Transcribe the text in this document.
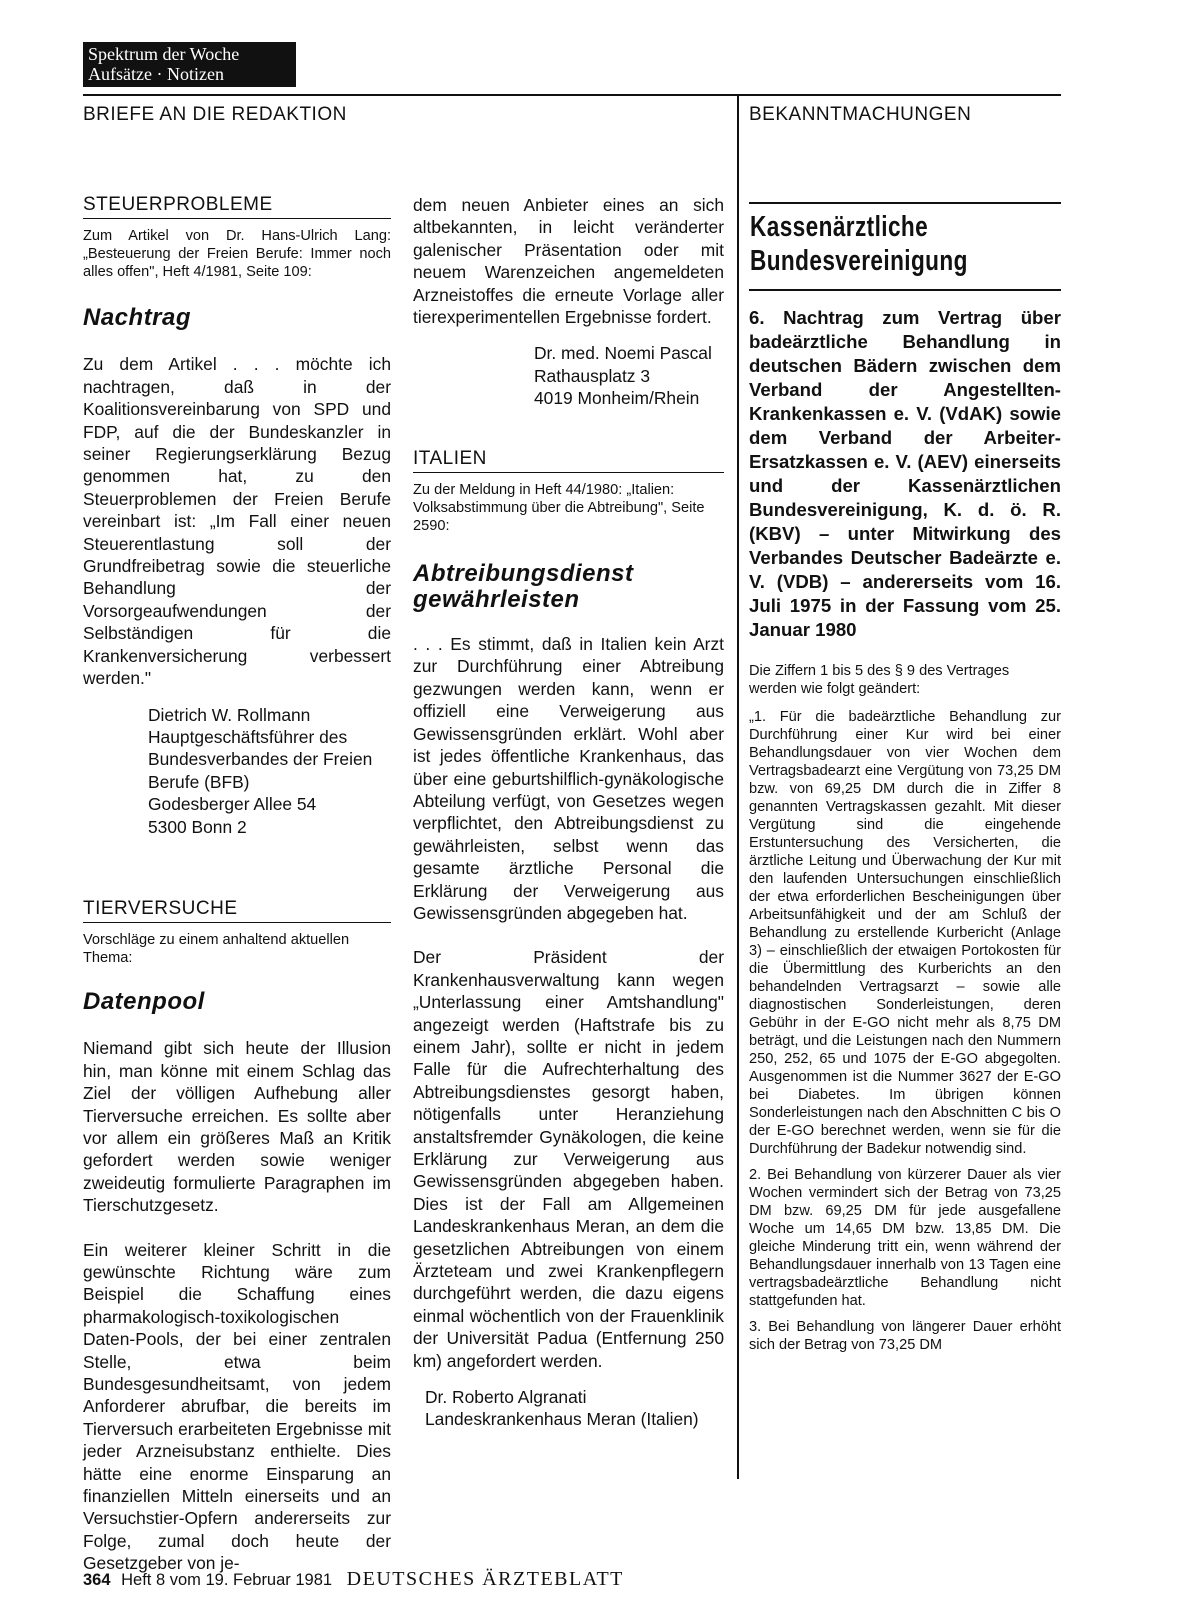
Spektrum der Woche
Aufsätze · Notizen
BRIEFE AN DIE REDAKTION	BEKANNTMACHUNGEN
STEUERPROBLEME

Zum Artikel von Dr. Hans-Ulrich Lang: „Besteuerung der Freien Berufe: Immer noch alles offen", Heft 4/1981, Seite 109:

Nachtrag

Zu dem Artikel . . . möchte ich nachtragen, daß in der Koalitionsvereinbarung von SPD und FDP, auf die der Bundeskanzler in seiner Regierungserklärung Bezug genommen hat, zu den Steuerproblemen der Freien Berufe vereinbart ist: „Im Fall einer neuen Steuerentlastung soll der Grundfreibetrag sowie die steuerliche Behandlung der Vorsorgeaufwendungen der Selbständigen für die Krankenversicherung verbessert werden."

Dietrich W. Rollmann
Hauptgeschäftsführer des
Bundesverbandes der Freien
Berufe (BFB)
Godesberger Allee 54
5300 Bonn 2
TIERVERSUCHE

Vorschläge zu einem anhaltend aktuellen Thema:

Datenpool

Niemand gibt sich heute der Illusion hin, man könne mit einem Schlag das Ziel der völligen Aufhebung aller Tierversuche erreichen. Es sollte aber vor allem ein größeres Maß an Kritik gefordert werden sowie weniger zweideutig formulierte Paragraphen im Tierschutzgesetz.

Ein weiterer kleiner Schritt in die gewünschte Richtung wäre zum Beispiel die Schaffung eines pharmakologisch-toxikologischen Daten-Pools, der bei einer zentralen Stelle, etwa beim Bundesgesundheitsamt, von jedem Anforderer abrufbar, die bereits im Tierversuch erarbeiteten Ergebnisse mit jeder Arzneisubstanz enthielte. Dies hätte eine enorme Einsparung an finanziellen Mitteln einerseits und an Versuchstier-Opfern andererseits zur Folge, zumal doch heute der Gesetzgeber von je-

dem neuen Anbieter eines an sich altbekannten, in leicht veränderter galenischer Präsentation oder mit neuem Warenzeichen angemeldeten Arzneistoffes die erneute Vorlage aller tierexperimentellen Ergebnisse fordert.

Dr. med. Noemi Pascal
Rathausplatz 3
4019 Monheim/Rhein
ITALIEN

Zu der Meldung in Heft 44/1980: „Italien: Volksabstimmung über die Abtreibung", Seite 2590:

Abtreibungsdienst
gewährleisten

. . . Es stimmt, daß in Italien kein Arzt zur Durchführung einer Abtreibung gezwungen werden kann, wenn er offiziell eine Verweigerung aus Gewissensgründen erklärt. Wohl aber ist jedes öffentliche Krankenhaus, das über eine geburtshilflich-gynäkologische Abteilung verfügt, von Gesetzes wegen verpflichtet, den Abtreibungsdienst zu gewährleisten, selbst wenn das gesamte ärztliche Personal die Erklärung der Verweigerung aus Gewissensgründen abgegeben hat.

Der Präsident der Krankenhausverwaltung kann wegen „Unterlassung einer Amtshandlung" angezeigt werden (Haftstrafe bis zu einem Jahr), sollte er nicht in jedem Falle für die Aufrechterhaltung des Abtreibungsdienstes gesorgt haben, nötigenfalls unter Heranziehung anstaltsfremder Gynäkologen, die keine Erklärung zur Verweigerung aus Gewissensgründen abgegeben haben. Dies ist der Fall am Allgemeinen Landeskrankenhaus Meran, an dem die gesetzlichen Abtreibungen von einem Ärzteteam und zwei Krankenpflegern durchgeführt werden, die dazu eigens einmal wöchentlich von der Frauenklinik der Universität Padua (Entfernung 250 km) angefordert werden.

Dr. Roberto Algranati
Landeskrankenhaus Meran (Italien)
Kassenärztliche
Bundesvereinigung

6. Nachtrag zum Vertrag über badeärztliche Behandlung in deutschen Bädern zwischen dem Verband der Angestellten-Krankenkassen e. V. (VdAK) sowie dem Verband der Arbeiter-Ersatzkassen e. V. (AEV) einerseits und der Kassenärztlichen Bundesvereinigung, K. d. ö. R. (KBV) – unter Mitwirkung des Verbandes Deutscher Badeärzte e. V. (VDB) – andererseits vom 16. Juli 1975 in der Fassung vom 25. Januar 1980

Die Ziffern 1 bis 5 des § 9 des Vertrages werden wie folgt geändert:

„1. Für die badeärztliche Behandlung zur Durchführung einer Kur wird bei einer Behandlungsdauer von vier Wochen dem Vertragsbadearzt eine Vergütung von 73,25 DM bzw. von 69,25 DM durch die in Ziffer 8 genannten Vertragskassen gezahlt. Mit dieser Vergütung sind die eingehende Erstuntersuchung des Versicherten, die ärztliche Leitung und Überwachung der Kur mit den laufenden Untersuchungen einschließlich der etwa erforderlichen Bescheinigungen über Arbeitsunfähigkeit und der am Schluß der Behandlung zu erstellende Kurbericht (Anlage 3) – einschließlich der etwaigen Portokosten für die Übermittlung des Kurberichts an den behandelnden Vertragsarzt – sowie alle diagnostischen Sonderleistungen, deren Gebühr in der E-GO nicht mehr als 8,75 DM beträgt, und die Leistungen nach den Nummern 250, 252, 65 und 1075 der E-GO abgegolten. Ausgenommen ist die Nummer 3627 der E-GO bei Diabetes. Im übrigen können Sonderleistungen nach den Abschnitten C bis O der E-GO berechnet werden, wenn sie für die Durchführung der Badekur notwendig sind.

2. Bei Behandlung von kürzerer Dauer als vier Wochen vermindert sich der Betrag von 73,25 DM bzw. 69,25 DM für jede ausgefallene Woche um 14,65 DM bzw. 13,85 DM. Die gleiche Minderung tritt ein, wenn während der Behandlungsdauer innerhalb von 13 Tagen eine vertragsbadeärztliche Behandlung nicht stattgefunden hat.

3. Bei Behandlung von längerer Dauer erhöht sich der Betrag von 73,25 DM

364 Heft 8 vom 19. Februar 1981 DEUTSCHES ÄRZTEBLATT
